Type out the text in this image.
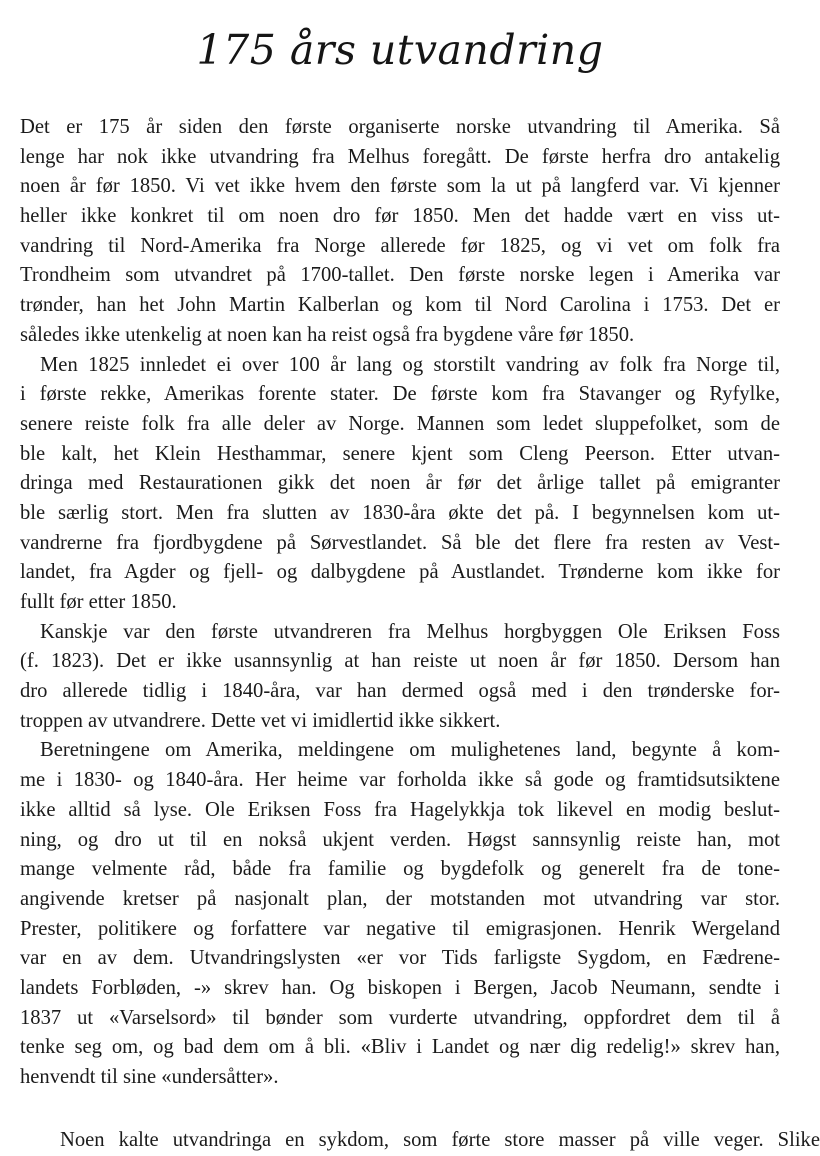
175 års utvandring
Det er 175 år siden den første organiserte norske utvandring til Amerika. Så
lenge har nok ikke utvandring fra Melhus foregått. De første herfra dro antakelig
noen år før 1850. Vi vet ikke hvem den første som la ut på langferd var. Vi kjenner
heller ikke konkret til om noen dro før 1850. Men det hadde vært en viss ut-
vandring til Nord-Amerika fra Norge allerede før 1825, og vi vet om folk fra
Trondheim som utvandret på 1700-tallet. Den første norske legen i Amerika var
trønder, han het John Martin Kalberlan og kom til Nord Carolina i 1753. Det er
således ikke utenkelig at noen kan ha reist også fra bygdene våre før 1850.
Men 1825 innledet ei over 100 år lang og storstilt vandring av folk fra Norge til,
i første rekke, Amerikas forente stater. De første kom fra Stavanger og Ryfylke,
senere reiste folk fra alle deler av Norge. Mannen som ledet sluppefolket, som de
ble kalt, het Klein Hesthammar, senere kjent som Cleng Peerson. Etter utvan-
dringa med Restaurationen gikk det noen år før det årlige tallet på emigranter
ble særlig stort. Men fra slutten av 1830-åra økte det på. I begynnelsen kom ut-
vandrerne fra fjordbygdene på Sørvestlandet. Så ble det flere fra resten av Vest-
landet, fra Agder og fjell- og dalbygdene på Austlandet. Trønderne kom ikke for
fullt før etter 1850.
Kanskje var den første utvandreren fra Melhus horgbyggen Ole Eriksen Foss
(f. 1823). Det er ikke usannsynlig at han reiste ut noen år før 1850. Dersom han
dro allerede tidlig i 1840-åra, var han dermed også med i den trønderske for-
troppen av utvandrere. Dette vet vi imidlertid ikke sikkert.
Beretningene om Amerika, meldingene om mulighetenes land, begynte å kom-
me i 1830- og 1840-åra. Her heime var forholda ikke så gode og framtidsutsiktene
ikke alltid så lyse. Ole Eriksen Foss fra Hagelykkja tok likevel en modig beslut-
ning, og dro ut til en nokså ukjent verden. Høgst sannsynlig reiste han, mot
mange velmente råd, både fra familie og bygdefolk og generelt fra de tone-
angivende kretser på nasjonalt plan, der motstanden mot utvandring var stor.
Prester, politikere og forfattere var negative til emigrasjonen. Henrik Wergeland
var en av dem. Utvandringslysten «er vor Tids farligste Sygdom, en Fædrene-
landets Forbløden, -» skrev han. Og biskopen i Bergen, Jacob Neumann, sendte i
1837 ut «Varselsord» til bønder som vurderte utvandring, oppfordret dem til å
tenke seg om, og bad dem om å bli. «Bliv i Landet og nær dig redelig!» skrev han,
henvendt til sine «undersåtter».
Noen kalte utvandringa en sykdom, som førte store masser på ville veger. Slike
